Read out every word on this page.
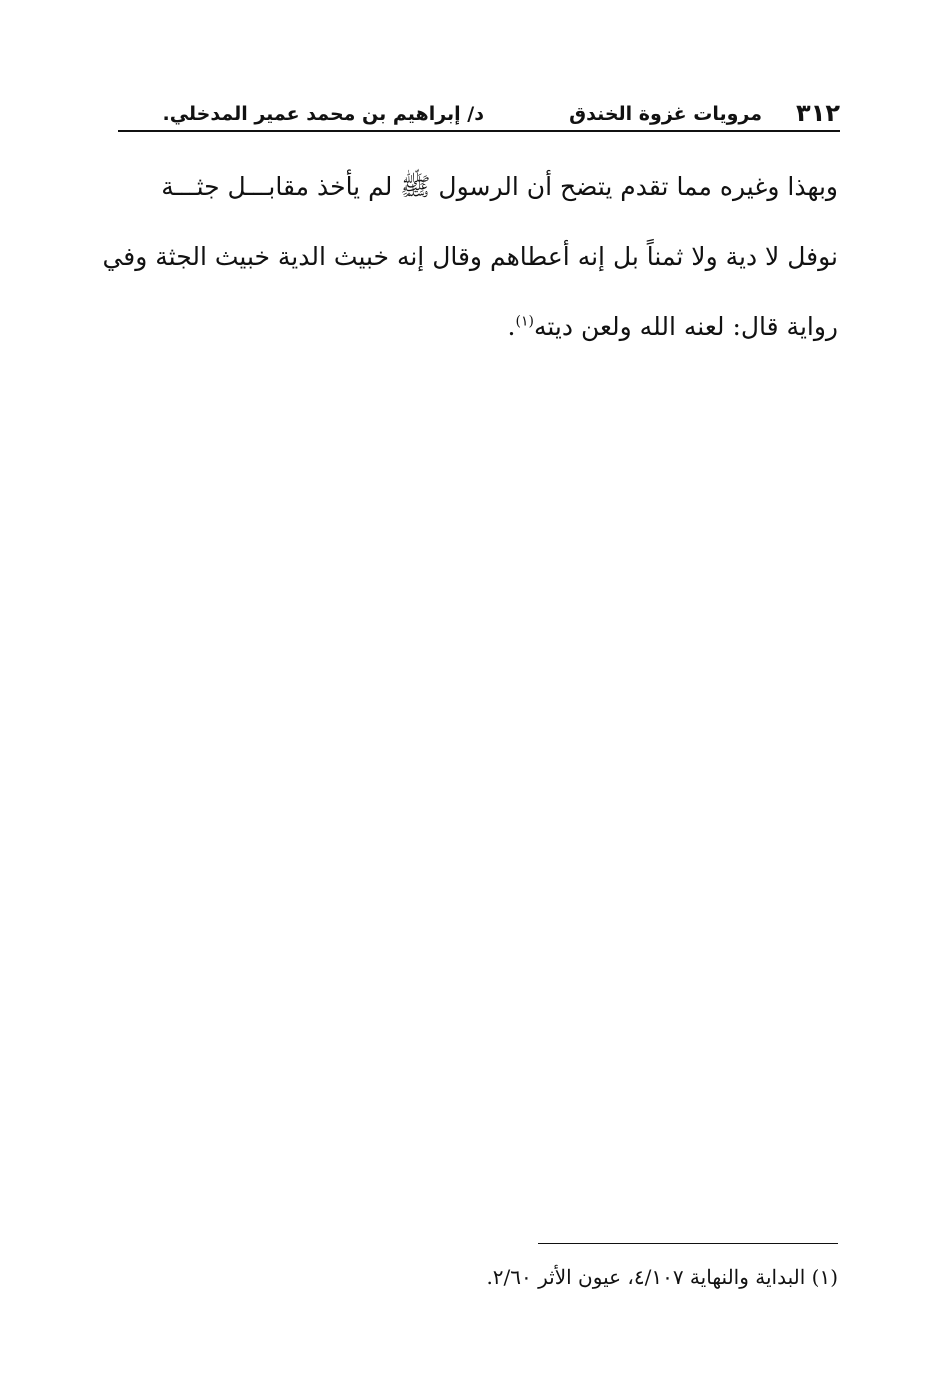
٣١٢
مرويات غزوة الخندق
د/ إبراهيم بن محمد عمير المدخلي.
وبهذا وغيره مما تقدم يتضح أن الرسول ﷺ لم يأخذ مقابـــل جثـــة
نوفل لا دية ولا ثمناً بل إنه أعطاهم وقال إنه خبيث الدية خبيث الجثة وفي
رواية قال: لعنه الله ولعن ديته$^{(١)}$.
(١) البداية والنهاية ٤/١٠٧، عيون الأثر ٢/٦٠.
